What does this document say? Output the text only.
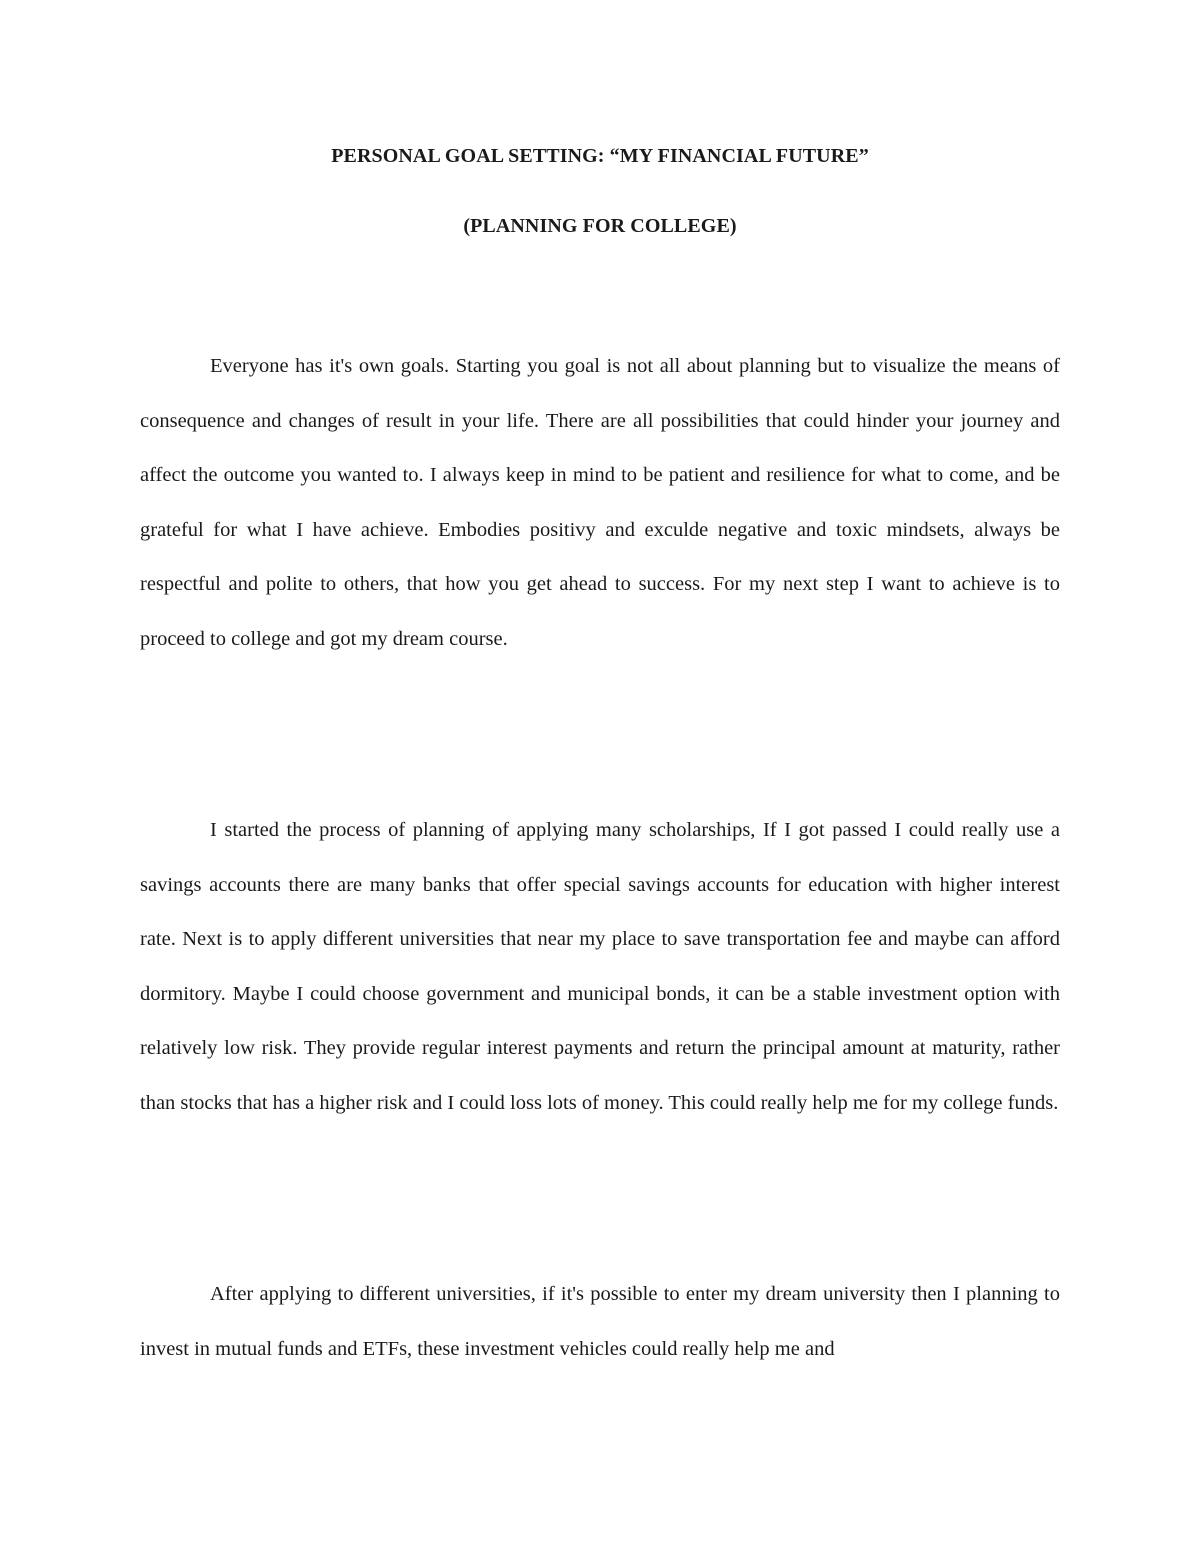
PERSONAL GOAL SETTING: “MY FINANCIAL FUTURE”

(PLANNING FOR COLLEGE)

Everyone has it's own goals. Starting you goal is not all about planning but to visualize the means of consequence and changes of result in your life. There are all possibilities that could hinder your journey and affect the outcome you wanted to. I always keep in mind to be patient and resilience for what to come, and be grateful for what I have achieve. Embodies positivy and exculde negative and toxic mindsets, always be respectful and polite to others, that how you get ahead to success. For my next step I want to achieve is to proceed to college and got my dream course.

I started the process of planning of applying many scholarships, If I got passed I could really use a savings accounts there are many banks that offer special savings accounts for education with higher interest rate. Next is to apply different universities that near my place to save transportation fee and maybe can afford dormitory. Maybe I could choose government and municipal bonds, it can be a stable investment option with relatively low risk. They provide regular interest payments and return the principal amount at maturity, rather than stocks that has a higher risk and I could loss lots of money. This could really help me for my college funds.

After applying to different universities, if it's possible to enter my dream university then I planning to invest in mutual funds and ETFs, these investment vehicles could really help me and
